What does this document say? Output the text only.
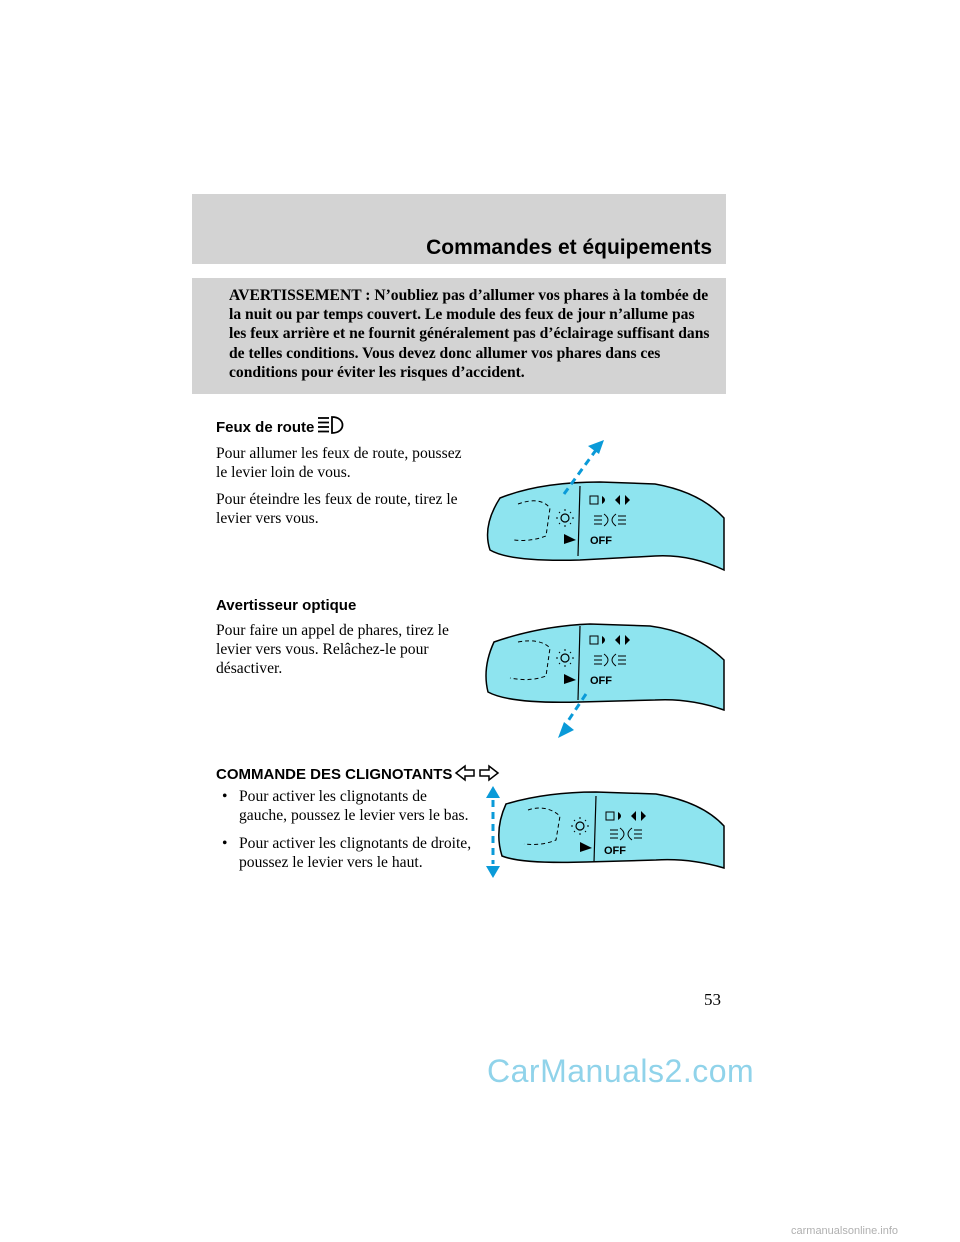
Commandes et équipements

AVERTISSEMENT : N’oubliez pas d’allumer vos phares à la tombée de la nuit ou par temps couvert. Le module des feux de jour n’allume pas les feux arrière et ne fournit généralement pas d’éclairage suffisant dans de telles conditions. Vous devez donc allumer vos phares dans ces conditions pour éviter les risques d’accident.

Feux de route

Pour allumer les feux de route, poussez le levier loin de vous.

Pour éteindre les feux de route, tirez le levier vers vous.

OFF
Avertisseur optique

Pour faire un appel de phares, tirez le levier vers vous. Relâchez-le pour désactiver.

OFF
COMMANDE DES CLIGNOTANTS
• Pour activer les clignotants de gauche, poussez le levier vers le bas.
• Pour activer les clignotants de droite, poussez le levier vers le haut.
OFF
53
CarManuals2.com
carmanualsonline.info
